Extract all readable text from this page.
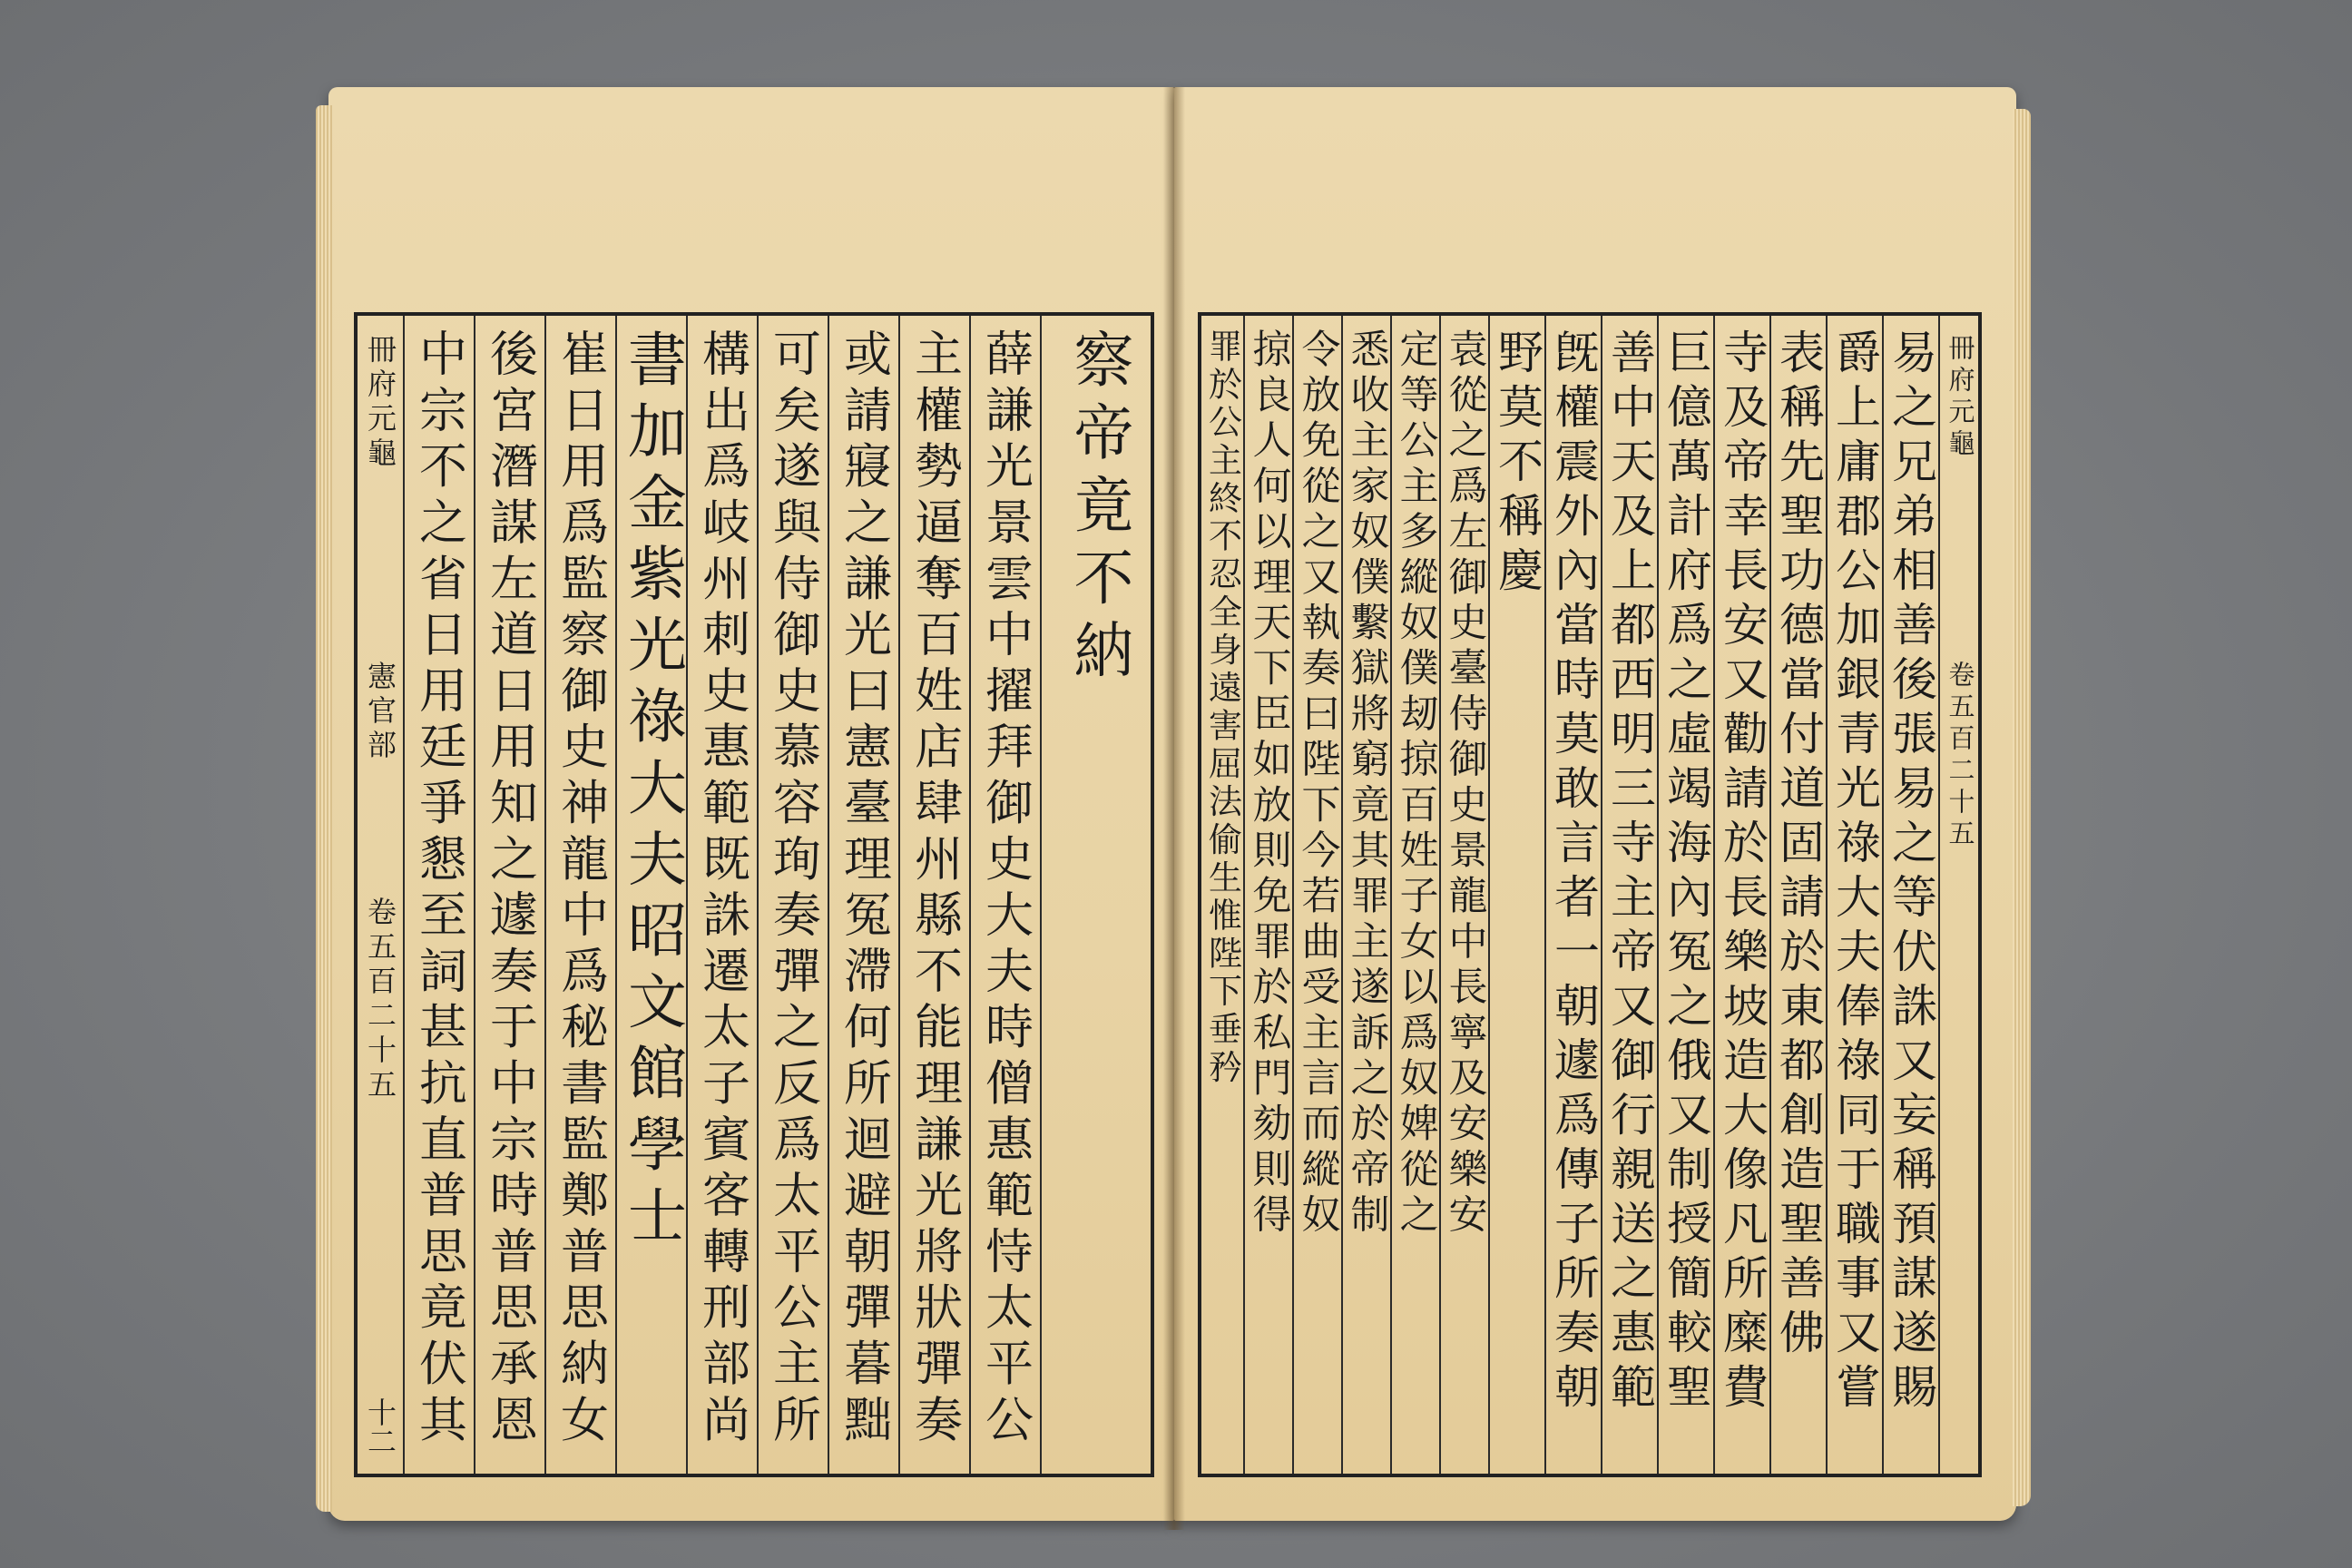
察帝竟不納
薛謙光景雲中擢拜御史大夫時僧惠範恃太平公
主權勢逼奪百姓店肆州縣不能理謙光將狀彈奏
或請寢之謙光曰憲臺理冤滯何所迴避朝彈暮黜
可矣遂與侍御史慕容珣奏彈之反爲太平公主所
構出爲岐州刺史惠範既誅遷太子賓客轉刑部尚
書加金紫光祿大夫昭文館學士
崔日用爲監察御史神龍中爲秘書監鄭普思納女
後宮潛謀左道日用知之遽奏于中宗時普思承恩
中宗不之省日用廷爭懇至詞甚抗直普思竟伏其
冊府元龜
憲官部
卷五百二十五
十二
冊府元龜
卷五百二十五
易之兄弟相善後張易之等伏誅又妄稱預謀遂賜
爵上庸郡公加銀青光祿大夫俸祿同于職事又嘗
表稱先聖功德當付道固請於東都創造聖善佛
寺及帝幸長安又勸請於長樂坡造大像凡所糜費
巨億萬計府爲之虛竭海內冤之俄又制授簡較聖
善中天及上都西明三寺主帝又御行親送之惠範
旣權震外內當時莫敢言者一朝遽爲傳子所奏朝
野莫不稱慶
袁從之爲左御史臺侍御史景龍中長寧及安樂安
定等公主多縱奴僕刼掠百姓子女以爲奴婢從之
悉收主家奴僕繫獄將窮竟其罪主遂訴之於帝制
令放免從之又執奏曰陛下今若曲受主言而縱奴
掠良人何以理天下臣如放則免罪於私門劾則得
罪於公主終不忍全身遠害屈法偷生惟陛下垂矜
